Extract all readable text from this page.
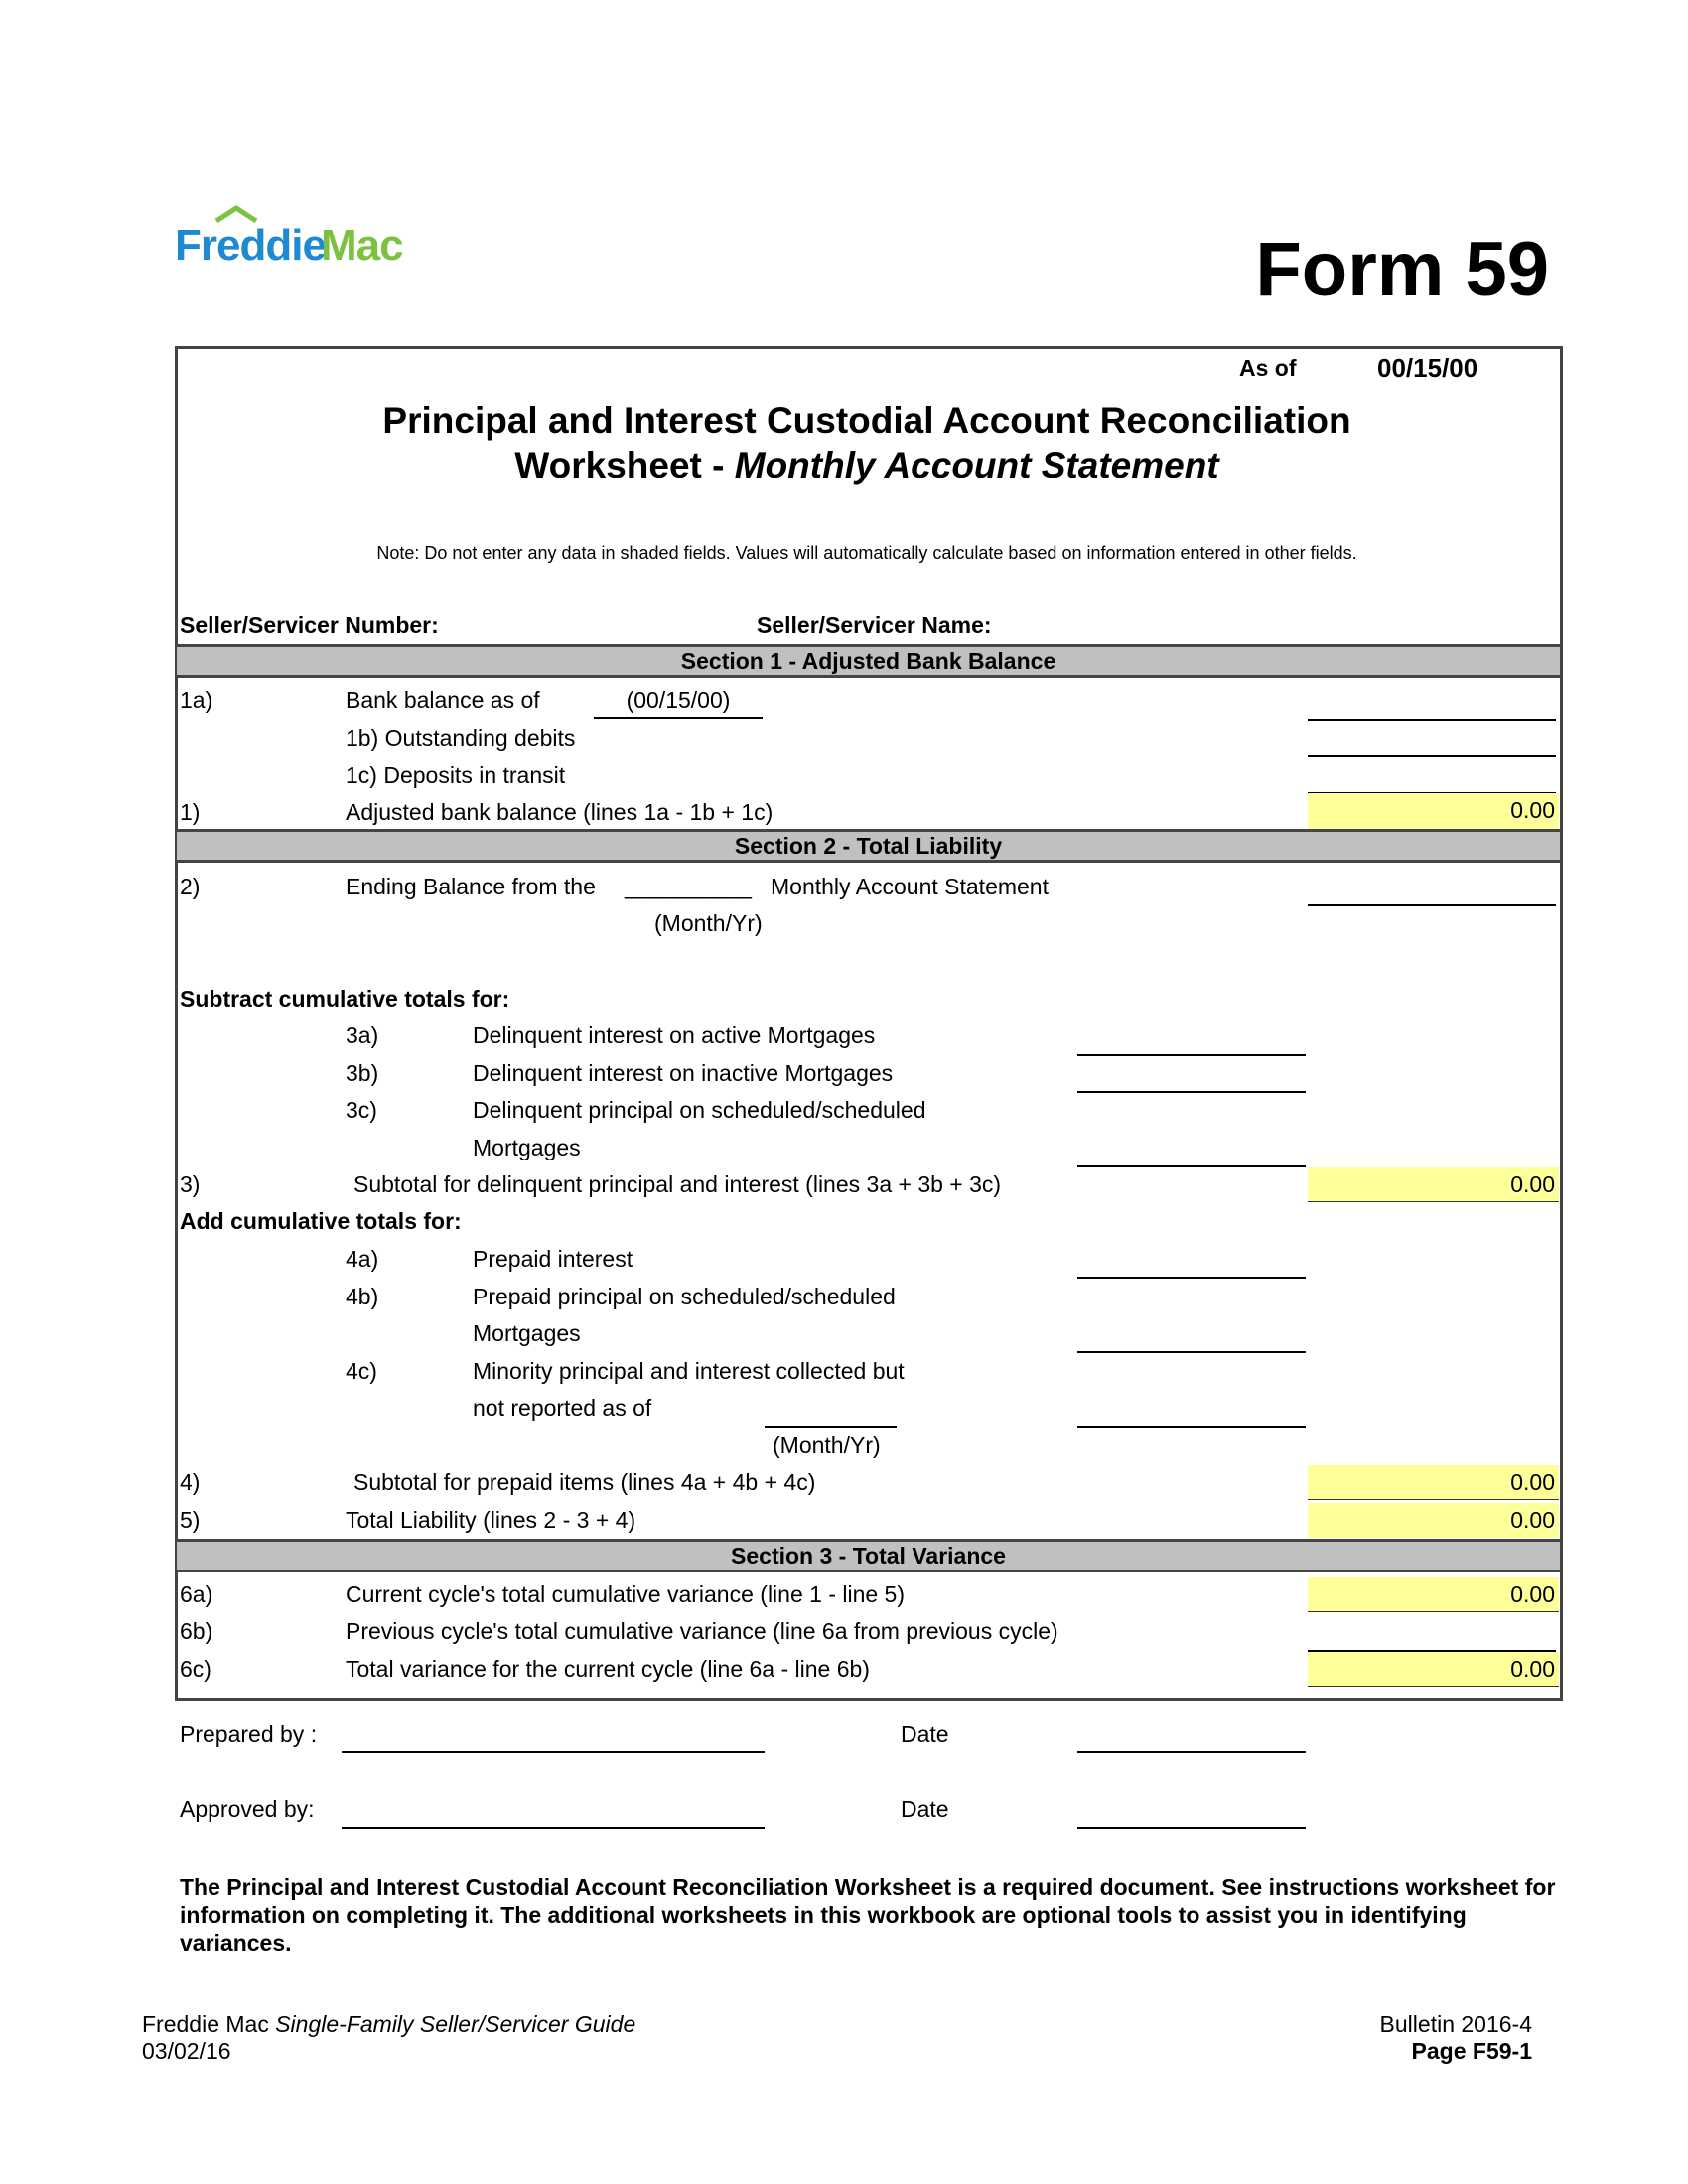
Freddie
Mac	Form 59
As of	00/15/00
Principal and Interest Custodial Account Reconciliation
Worksheet - Monthly Account Statement
Note: Do not enter any data in shaded fields. Values will automatically calculate based on information entered in other fields.
Seller/Servicer Number:	Seller/Servicer Name:
Section 1 - Adjusted Bank Balance
1a)	Bank balance as of	(00/15/00)
1b) Outstanding debits
1c) Deposits in transit
1)	Adjusted bank balance (lines 1a - 1b + 1c)	0.00
Section 2 - Total Liability
2)	Ending Balance from the __________ Monthly Account Statement
(Month/Yr)
Subtract cumulative totals for:
3a)	Delinquent interest on active Mortgages
3b)	Delinquent interest on inactive Mortgages
3c)	Delinquent principal on scheduled/scheduled
Mortgages
3)	Subtotal for delinquent principal and interest (lines 3a + 3b + 3c)	0.00
Add cumulative totals for:
4a)	Prepaid interest
4b)	Prepaid principal on scheduled/scheduled
Mortgages
4c)	Minority principal and interest collected but
not reported as of
(Month/Yr)
4)	Subtotal for prepaid items (lines 4a + 4b + 4c)	0.00
5)	Total Liability (lines 2 - 3 + 4)	0.00
Section 3 - Total Variance
6a)	Current cycle's total cumulative variance (line 1 - line 5)	0.00
6b)	Previous cycle's total cumulative variance (line 6a from previous cycle)
6c)	Total variance for the current cycle (line 6a - line 6b)	0.00
Prepared by :	Date
Approved by:	Date
The Principal and Interest Custodial Account Reconciliation Worksheet is a required document. See instructions worksheet for information on completing it. The additional worksheets in this workbook are optional tools to assist you in identifying variances.
Freddie Mac Single-Family Seller/Servicer Guide
03/02/16
Bulletin 2016-4
Page F59-1
